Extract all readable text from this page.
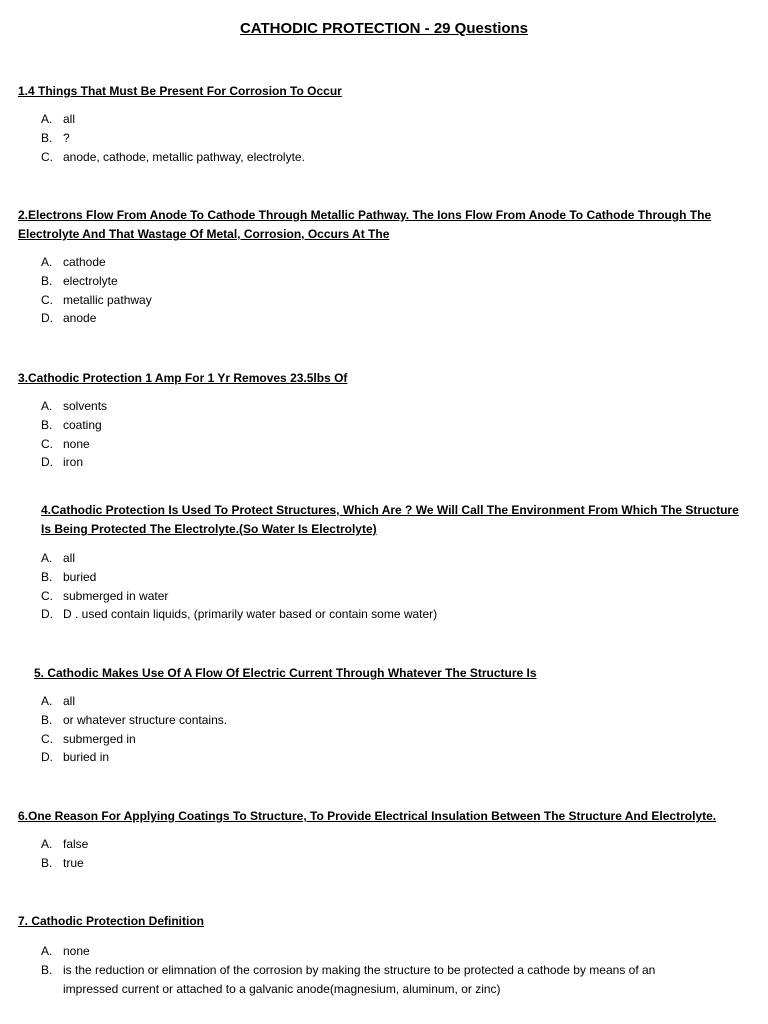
CATHODIC PROTECTION - 29 Questions
1.4 Things That Must Be Present For Corrosion To Occur
A. all
B. ?
C. anode, cathode, metallic pathway, electrolyte.
2.Electrons Flow From Anode To Cathode Through Metallic Pathway. The Ions Flow From Anode To Cathode Through The Electrolyte And That Wastage Of Metal, Corrosion, Occurs At The
A. cathode
B. electrolyte
C. metallic pathway
D. anode
3.Cathodic Protection 1 Amp For 1 Yr Removes 23.5lbs Of
A. solvents
B. coating
C. none
D. iron
4.Cathodic Protection Is Used To Protect Structures, Which Are ? We Will Call The Environment From Which The Structure Is Being Protected The Electrolyte.(So Water Is Electrolyte)
A. all
B. buried
C. submerged in water
D. D . used contain liquids, (primarily water based or contain some water)
5. Cathodic Makes Use Of A Flow Of Electric Current Through Whatever The Structure Is
A. all
B. or whatever structure contains.
C. submerged in
D. buried in
6.One Reason For Applying Coatings To Structure, To Provide Electrical Insulation Between The Structure And Electrolyte.
A. false
B. true
7. Cathodic Protection Definition
A. none
B. is the reduction or elimnation of the corrosion by making the structure to be protected a cathode by means of an impressed current or attached to a galvanic anode(magnesium, aluminum, or zinc)
